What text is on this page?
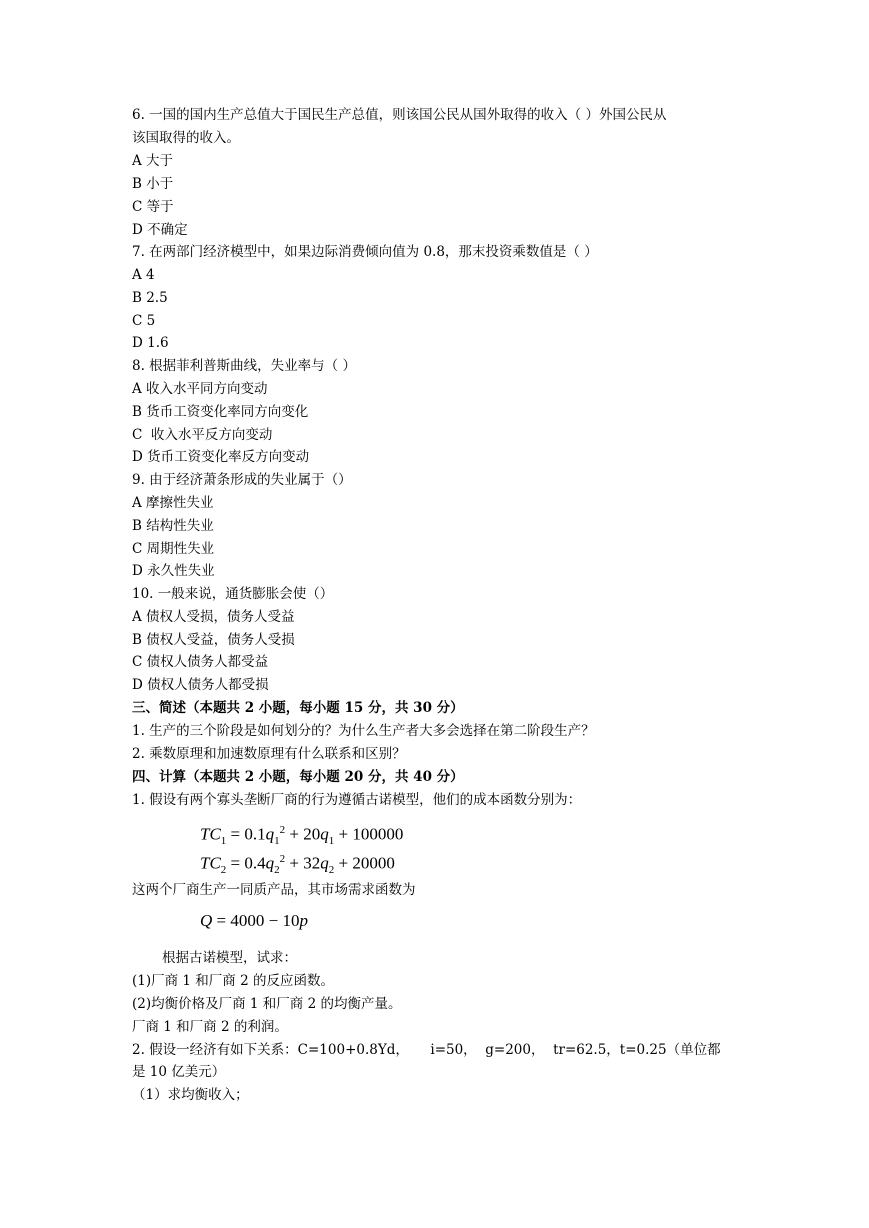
6. 一国的国内生产总值大于国民生产总值，则该国公民从国外取得的收入（ ）外国公民从
该国取得的收入。
A 大于
B 小于
C 等于
D 不确定
7. 在两部门经济模型中，如果边际消费倾向值为 0.8，那末投资乘数值是（ ）
A 4
B 2.5
C 5
D 1.6
8. 根据菲利普斯曲线，失业率与（ ）
A 收入水平同方向变动
B 货币工资变化率同方向变化
C  收入水平反方向变动
D 货币工资变化率反方向变动
9. 由于经济萧条形成的失业属于（）
A 摩擦性失业
B 结构性失业
C 周期性失业
D 永久性失业
10. 一般来说，通货膨胀会使（）
A 债权人受损，债务人受益
B 债权人受益，债务人受损
C 债权人债务人都受益
D 债权人债务人都受损
三、简述（本题共 2 小题，每小题 15 分，共 30 分）
1. 生产的三个阶段是如何划分的？为什么生产者大多会选择在第二阶段生产？
2. 乘数原理和加速数原理有什么联系和区别？
四、计算（本题共 2 小题，每小题 20 分，共 40 分）
1. 假设有两个寡头垄断厂商的行为遵循古诺模型，他们的成本函数分别为：
$TC_1 = 0.1q_1^2 + 20q_1 + 100000$
$TC_2 = 0.4q_2^2 + 32q_2 + 20000$
这两个厂商生产一同质产品，其市场需求函数为
Q = 4000 − 10p
根据古诺模型，试求：
(1)厂商 1 和厂商 2 的反应函数。
(2)均衡价格及厂商 1 和厂商 2 的均衡产量。
厂商 1 和厂商 2 的利润。
2. 假设一经济有如下关系：C=100+0.8Yd，     i=50，  g=200，  tr=62.5，t=0.25（单位都
是 10 亿美元）
（1）求均衡收入；
